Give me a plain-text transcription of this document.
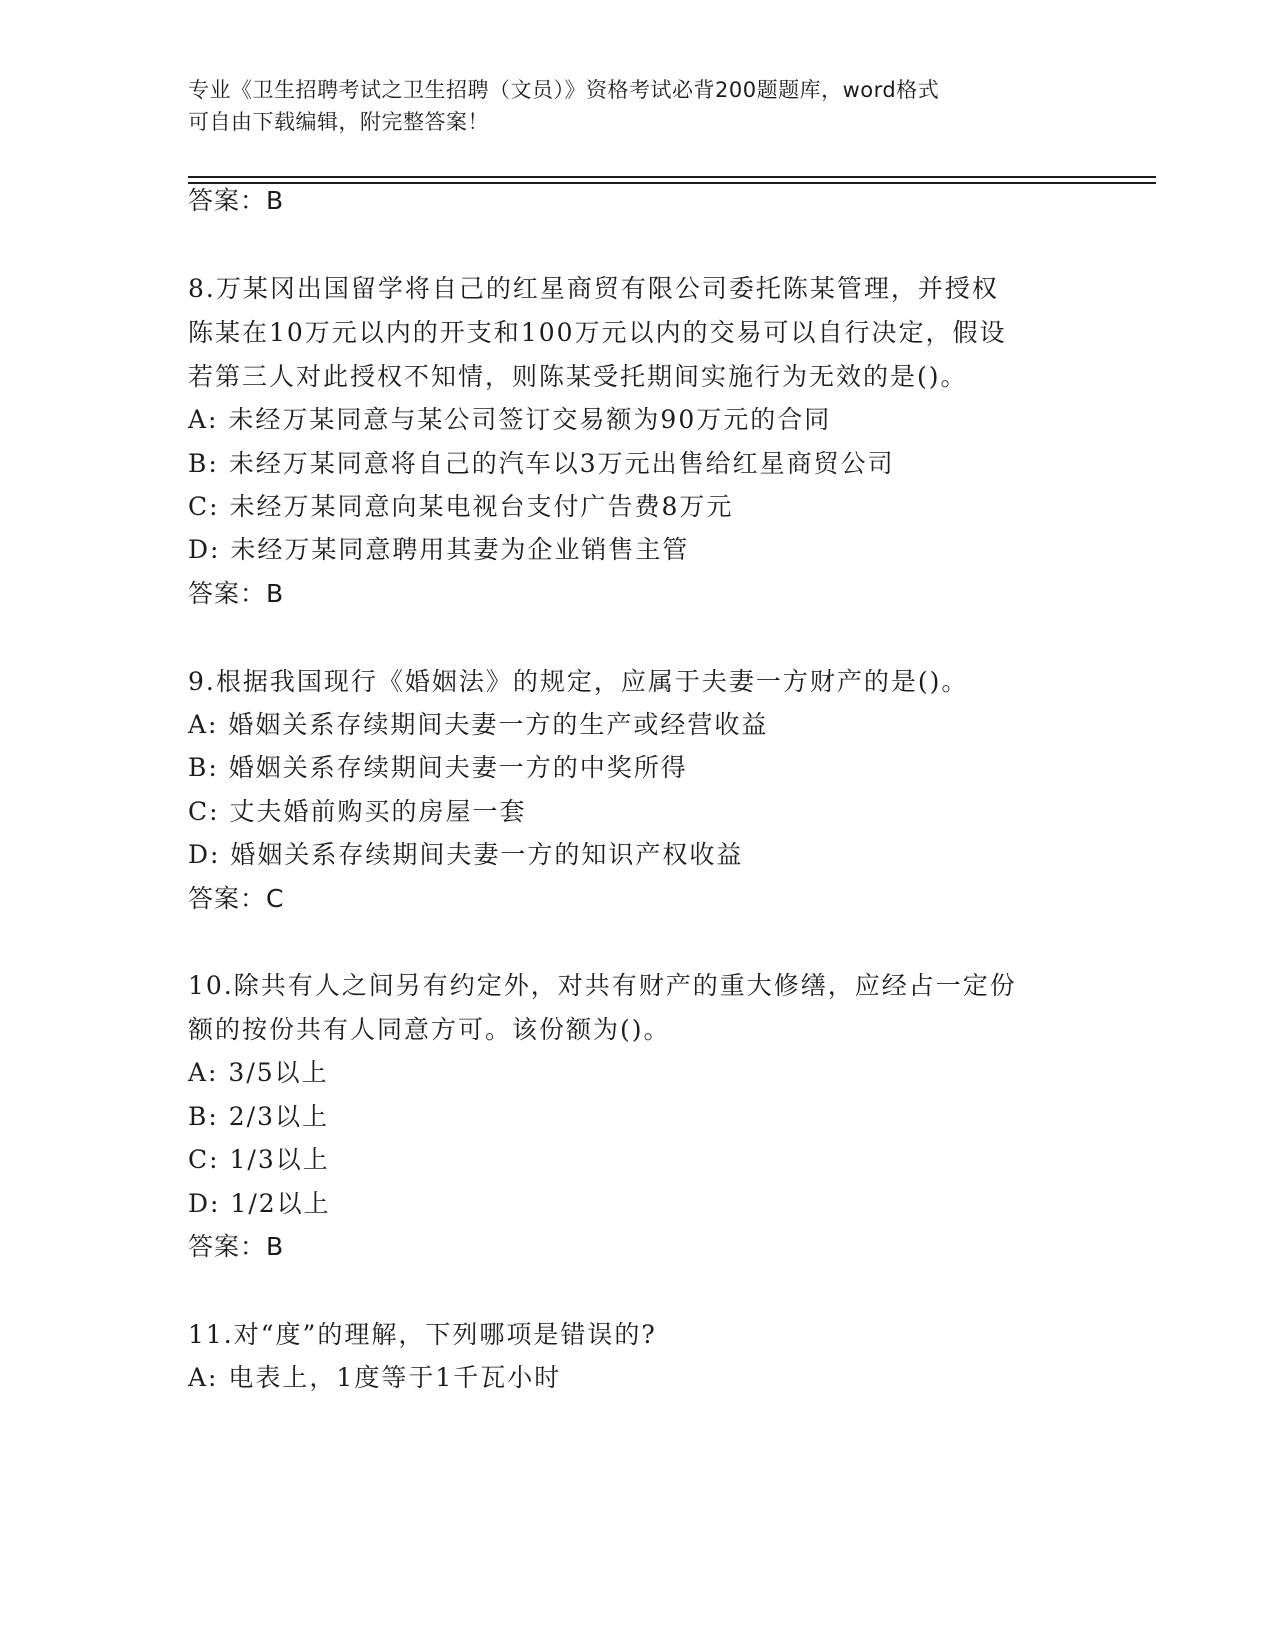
专业《卫生招聘考试之卫生招聘（文员）》资格考试必背200题题库，word格式
可自由下载编辑，附完整答案！
答案：B
8.万某冈出国留学将自己的红星商贸有限公司委托陈某管理，并授权
陈某在10万元以内的开支和100万元以内的交易可以自行决定，假设
若第三人对此授权不知情，则陈某受托期间实施行为无效的是()。
A: 未经万某同意与某公司签订交易额为90万元的合同
B: 未经万某同意将自己的汽车以3万元出售给红星商贸公司
C: 未经万某同意向某电视台支付广告费8万元
D: 未经万某同意聘用其妻为企业销售主管
答案：B
9.根据我国现行《婚姻法》的规定，应属于夫妻一方财产的是()。
A: 婚姻关系存续期间夫妻一方的生产或经营收益
B: 婚姻关系存续期间夫妻一方的中奖所得
C: 丈夫婚前购买的房屋一套
D: 婚姻关系存续期间夫妻一方的知识产权收益
答案：C
10.除共有人之间另有约定外，对共有财产的重大修缮，应经占一定份
额的按份共有人同意方可。该份额为()。
A: 3/5以上
B: 2/3以上
C: 1/3以上
D: 1/2以上
答案：B
11.对“度”的理解，下列哪项是错误的?
A: 电表上，1度等于1千瓦小时
